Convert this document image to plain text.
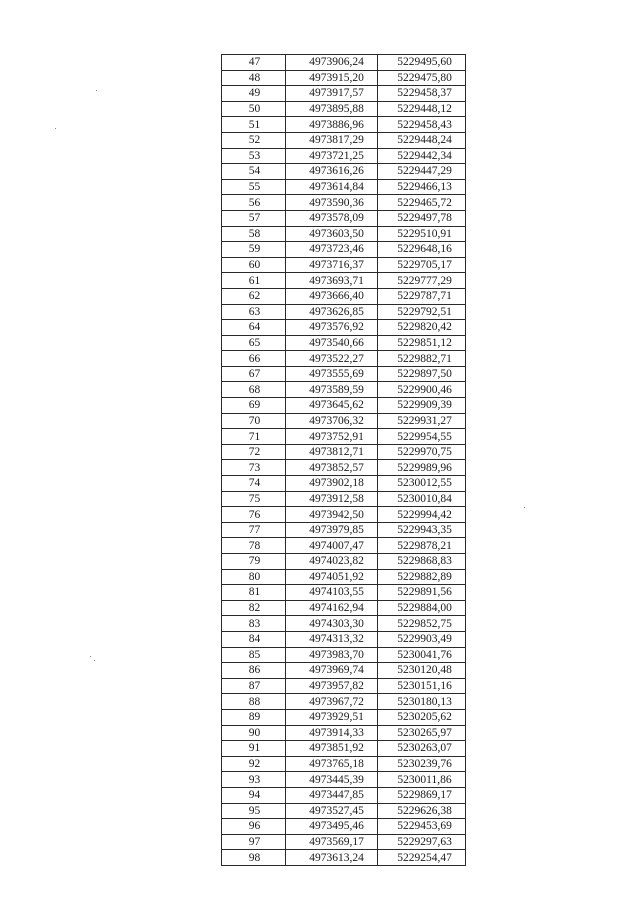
47	4973906,24	5229495,60
48	4973915,20	5229475,80
49	4973917,57	5229458,37
50	4973895,88	5229448,12
51	4973886,96	5229458,43
52	4973817,29	5229448,24
53	4973721,25	5229442,34
54	4973616,26	5229447,29
55	4973614,84	5229466,13
56	4973590,36	5229465,72
57	4973578,09	5229497,78
58	4973603,50	5229510,91
59	4973723,46	5229648,16
60	4973716,37	5229705,17
61	4973693,71	5229777,29
62	4973666,40	5229787,71
63	4973626,85	5229792,51
64	4973576,92	5229820,42
65	4973540,66	5229851,12
66	4973522,27	5229882,71
67	4973555,69	5229897,50
68	4973589,59	5229900,46
69	4973645,62	5229909,39
70	4973706,32	5229931,27
71	4973752,91	5229954,55
72	4973812,71	5229970,75
73	4973852,57	5229989,96
74	4973902,18	5230012,55
75	4973912,58	5230010,84
76	4973942,50	5229994,42
77	4973979,85	5229943,35
78	4974007,47	5229878,21
79	4974023,82	5229868,83
80	4974051,92	5229882,89
81	4974103,55	5229891,56
82	4974162,94	5229884,00
83	4974303,30	5229852,75
84	4974313,32	5229903,49
85	4973983,70	5230041,76
86	4973969,74	5230120,48
87	4973957,82	5230151,16
88	4973967,72	5230180,13
89	4973929,51	5230205,62
90	4973914,33	5230265,97
91	4973851,92	5230263,07
92	4973765,18	5230239,76
93	4973445,39	5230011,86
94	4973447,85	5229869,17
95	4973527,45	5229626,38
96	4973495,46	5229453,69
97	4973569,17	5229297,63
98	4973613,24	5229254,47
